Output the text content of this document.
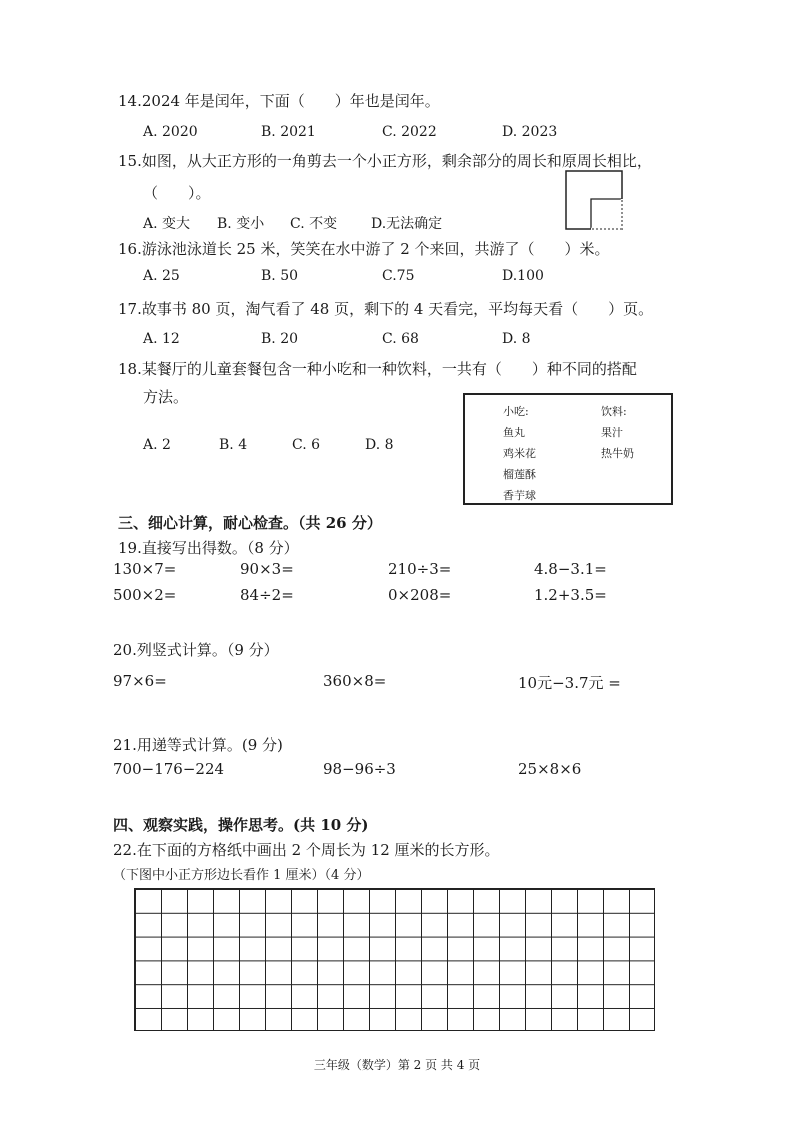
14.2024 年是闰年，下面（　　）年也是闰年。
A. 2020	B. 2021	C. 2022	D. 2023
15.如图，从大正方形的一角剪去一个小正方形，剩余部分的周长和原周长相比，
（　　）。
A. 变大 B. 变小 C. 不变 D.无法确定
16.游泳池泳道长 25 米，笑笑在水中游了 2 个来回，共游了（　　）米。
A. 25	B. 50	C.75	D.100
17.故事书 80 页，淘气看了 48 页，剩下的 4 天看完，平均每天看（　　）页。
A. 12	B. 20	C. 68	D. 8
18.某餐厅的儿童套餐包含一种小吃和一种饮料，一共有（　　）种不同的搭配
方法。
A. 2	B. 4	C. 6	D. 8
小吃:
鱼丸
鸡米花
榴莲酥
香芋球
饮料:
果汁
热牛奶
三、细心计算，耐心检查。（共 26 分）
19.直接写出得数。（8 分）
130×7=	90×3=	210÷3=	4.8−3.1=
500×2=	84÷2=	0×208=	1.2+3.5=
20.列竖式计算。（9 分）
97×6=	360×8=	10元−3.7元 =
21.用递等式计算。(9 分)
700−176−224	98−96÷3	25×8×6
四、观察实践，操作思考。(共 10 分)
22.在下面的方格纸中画出 2 个周长为 12 厘米的长方形。
（下图中小正方形边长看作 1 厘米）（4 分）
三年级（数学）第 2 页 共 4 页
